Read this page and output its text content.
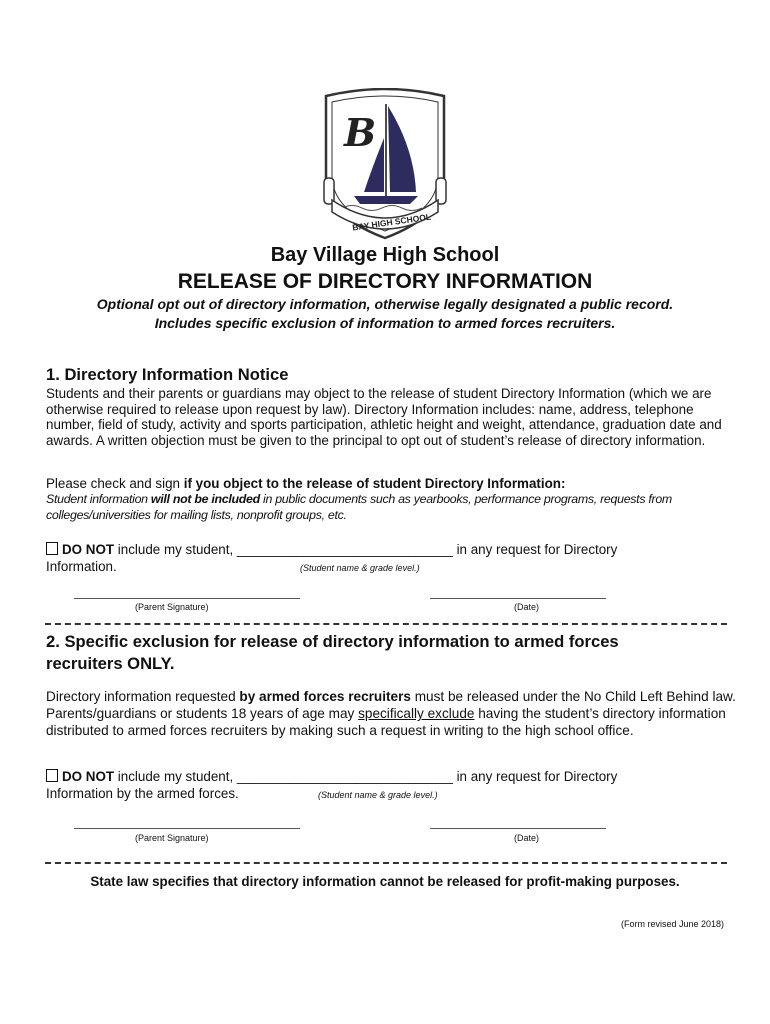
B
BAY HIGH SCHOOL
Bay Village High School
RELEASE OF DIRECTORY INFORMATION
Optional opt out of directory information, otherwise legally designated a public record.
Includes specific exclusion of information to armed forces recruiters.
1. Directory Information Notice
Students and their parents or guardians may object to the release of student Directory Information (which we are otherwise required to release upon request by law). Directory Information includes: name, address, telephone number, field of study, activity and sports participation, athletic height and weight, attendance, graduation date and awards. A written objection must be given to the principal to opt out of student’s release of directory information.
Please check and sign if you object to the release of student Directory Information:
Student information will not be included in public documents such as yearbooks, performance programs, requests from colleges/universities for mailing lists, nonprofit groups, etc.
DO NOT include my student, _____________________________ in any request for Directory
Information.	(Student name & grade level.)
(Parent Signature)	(Date)
2. Specific exclusion for release of directory information to armed forces
recruiters ONLY.
Directory information requested by armed forces recruiters must be released under the No Child Left Behind law. Parents/guardians or students 18 years of age may specifically exclude having the student’s directory information distributed to armed forces recruiters by making such a request in writing to the high school office.
DO NOT include my student, _____________________________ in any request for Directory
Information by the armed forces.	(Student name & grade level.)
(Parent Signature)	(Date)
State law specifies that directory information cannot be released for profit-making purposes.
(Form revised June 2018)
